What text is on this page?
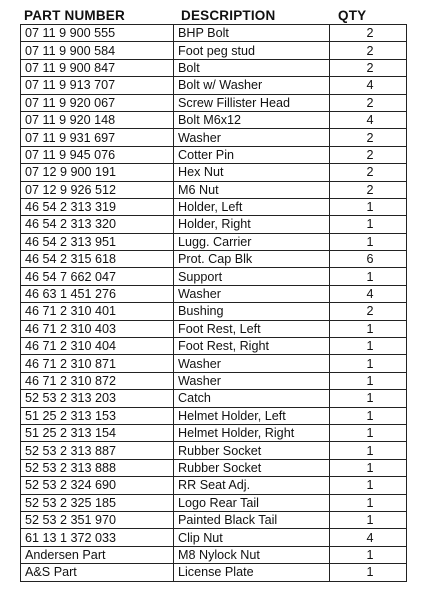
PART NUMBER	DESCRIPTION	QTY
07 11 9 900 555	BHP Bolt	2
07 11 9 900 584	Foot peg stud	2
07 11 9 900 847	Bolt	2
07 11 9 913 707	Bolt w/ Washer	4
07 11 9 920 067	Screw Fillister Head	2
07 11 9 920 148	Bolt M6x12	4
07 11 9 931 697	Washer	2
07 11 9 945 076	Cotter Pin	2
07 12 9 900 191	Hex Nut	2
07 12 9 926 512	M6 Nut	2
46 54 2 313 319	Holder, Left	1
46 54 2 313 320	Holder, Right	1
46 54 2 313 951	Lugg. Carrier	1
46 54 2 315 618	Prot. Cap Blk	6
46 54 7 662 047	Support	1
46 63 1 451 276	Washer	4
46 71 2 310 401	Bushing	2
46 71 2 310 403	Foot Rest, Left	1
46 71 2 310 404	Foot Rest, Right	1
46 71 2 310 871	Washer	1
46 71 2 310 872	Washer	1
52 53 2 313 203	Catch	1
51 25 2 313 153	Helmet Holder, Left	1
51 25 2 313 154	Helmet Holder, Right	1
52 53 2 313 887	Rubber Socket	1
52 53 2 313 888	Rubber Socket	1
52 53 2 324 690	RR Seat Adj.	1
52 53 2 325 185	Logo Rear Tail	1
52 53 2 351 970	Painted Black Tail	1
61 13 1 372 033	Clip Nut	4
Andersen Part	M8 Nylock Nut	1
A&S Part	License Plate	1
